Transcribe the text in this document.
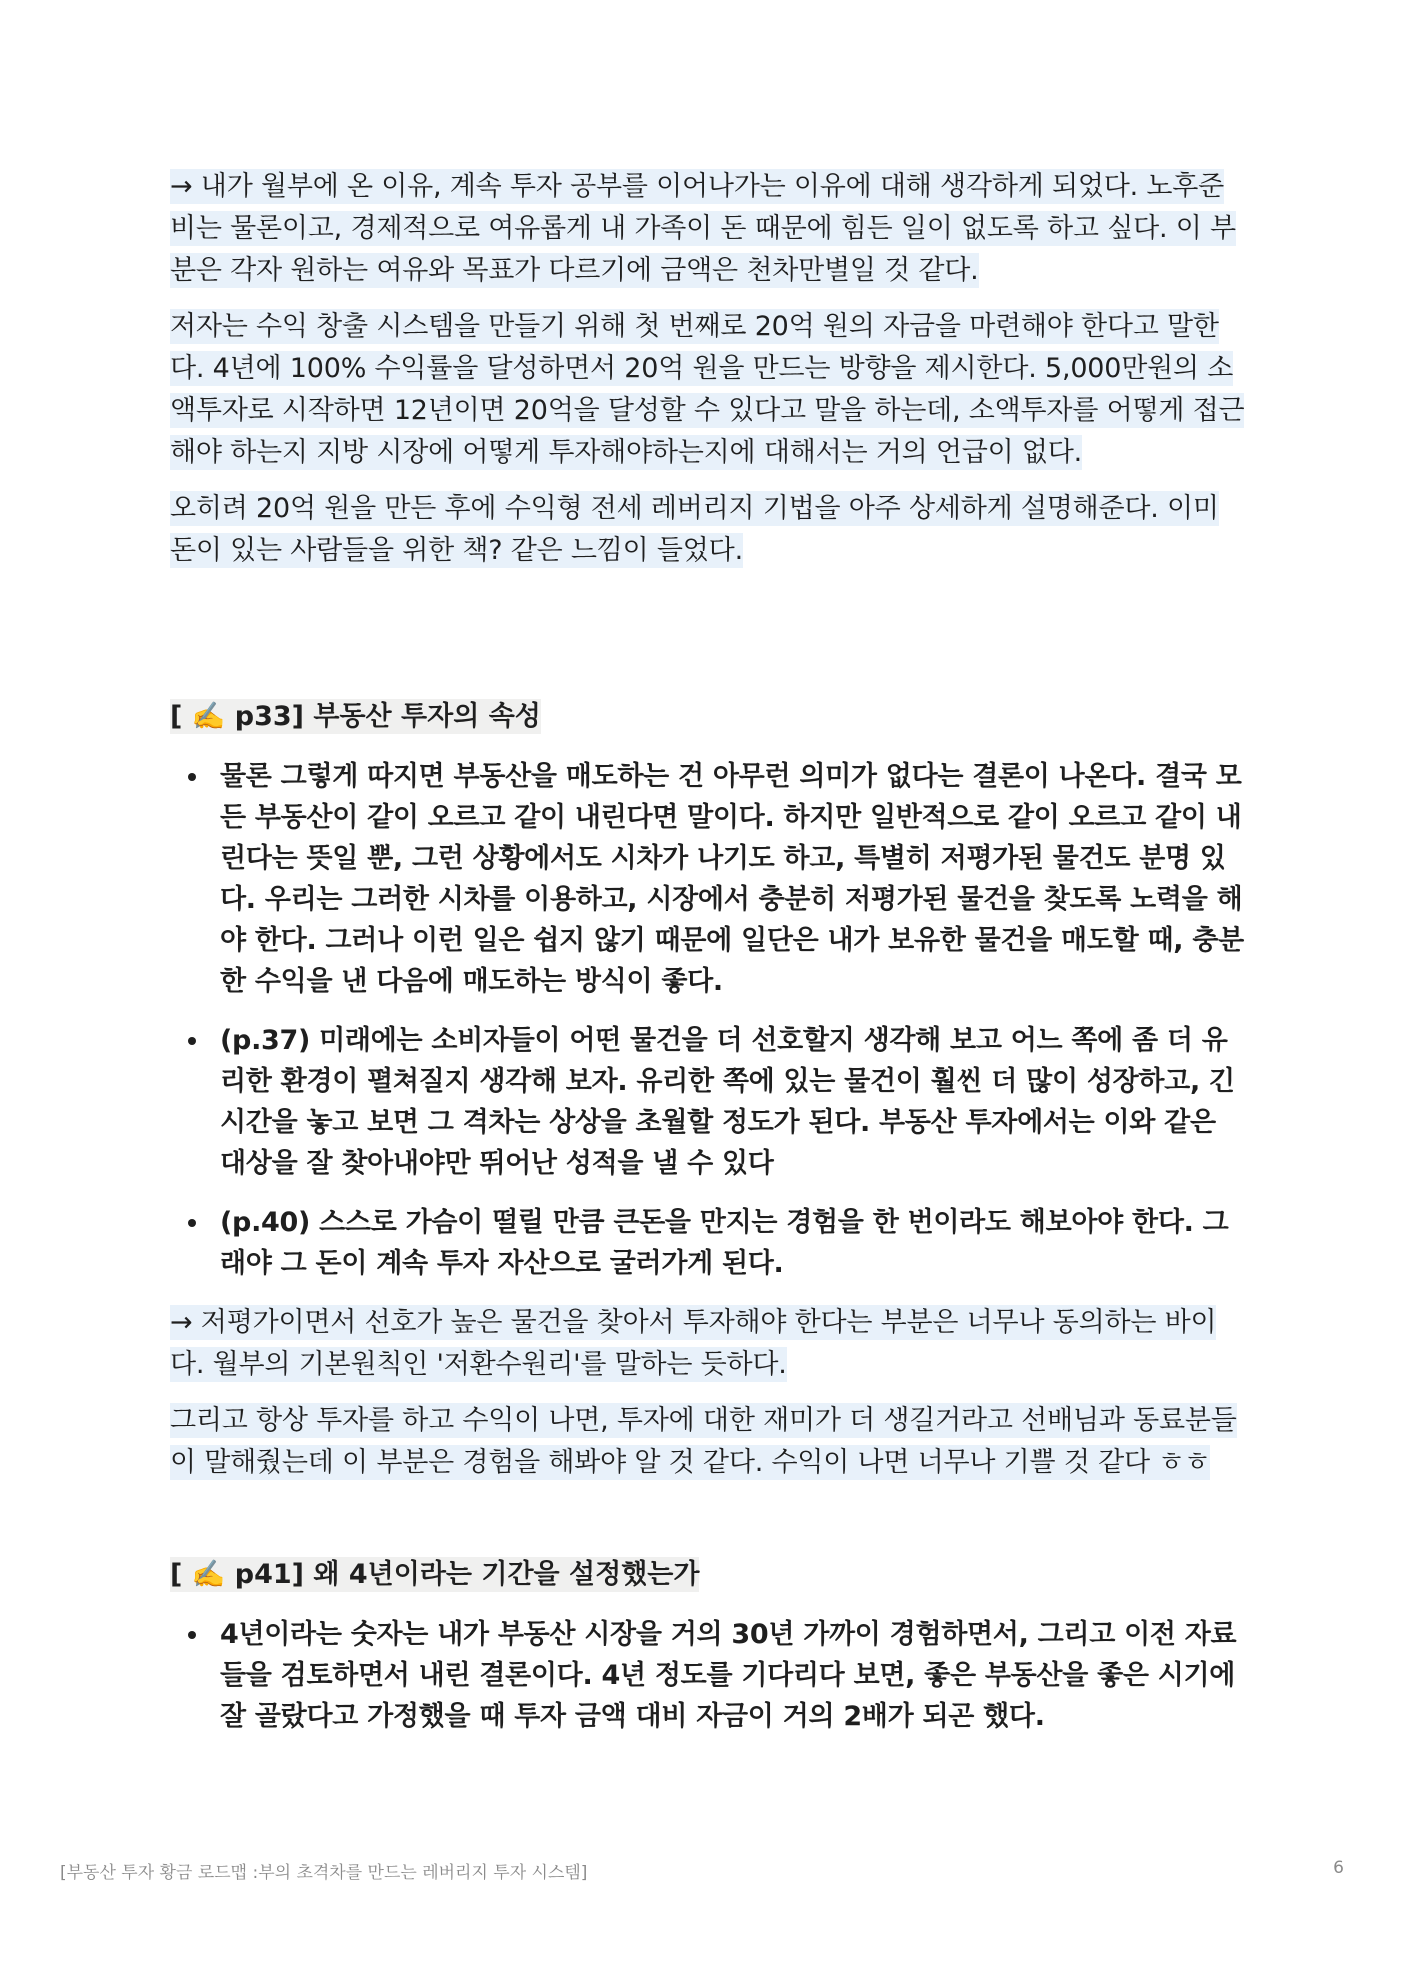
→ 내가 월부에 온 이유, 계속 투자 공부를 이어나가는 이유에 대해 생각하게 되었다. 노후준비는 물론이고, 경제적으로 여유롭게 내 가족이 돈 때문에 힘든 일이 없도록 하고 싶다. 이 부분은 각자 원하는 여유와 목표가 다르기에 금액은 천차만별일 것 같다.

저자는 수익 창출 시스템을 만들기 위해 첫 번째로 20억 원의 자금을 마련해야 한다고 말한다. 4년에 100% 수익률을 달성하면서 20억 원을 만드는 방향을 제시한다. 5,000만원의 소액투자로 시작하면 12년이면 20억을 달성할 수 있다고 말을 하는데, 소액투자를 어떻게 접근해야 하는지 지방 시장에 어떻게 투자해야하는지에 대해서는 거의 언급이 없다.

오히려 20억 원을 만든 후에 수익형 전세 레버리지 기법을 아주 상세하게 설명해준다. 이미 돈이 있는 사람들을 위한 책? 같은 느낌이 들었다.

[ ✍️ p33] 부동산 투자의 속성
물론 그렇게 따지면 부동산을 매도하는 건 아무런 의미가 없다는 결론이 나온다. 결국 모든 부동산이 같이 오르고 같이 내린다면 말이다. 하지만 일반적으로 같이 오르고 같이 내린다는 뜻일 뿐, 그런 상황에서도 시차가 나기도 하고, 특별히 저평가된 물건도 분명 있다. 우리는 그러한 시차를 이용하고, 시장에서 충분히 저평가된 물건을 찾도록 노력을 해야 한다. 그러나 이런 일은 쉽지 않기 때문에 일단은 내가 보유한 물건을 매도할 때, 충분한 수익을 낸 다음에 매도하는 방식이 좋다.
(p.37) 미래에는 소비자들이 어떤 물건을 더 선호할지 생각해 보고 어느 쪽에 좀 더 유리한 환경이 펼쳐질지 생각해 보자. 유리한 쪽에 있는 물건이 훨씬 더 많이 성장하고, 긴 시간을 놓고 보면 그 격차는 상상을 초월할 정도가 된다. 부동산 투자에서는 이와 같은 대상을 잘 찾아내야만 뛰어난 성적을 낼 수 있다
(p.40) 스스로 가슴이 떨릴 만큼 큰돈을 만지는 경험을 한 번이라도 해보아야 한다. 그래야 그 돈이 계속 투자 자산으로 굴러가게 된다.

→ 저평가이면서 선호가 높은 물건을 찾아서 투자해야 한다는 부분은 너무나 동의하는 바이다. 월부의 기본원칙인 '저환수원리'를 말하는 듯하다.

그리고 항상 투자를 하고 수익이 나면, 투자에 대한 재미가 더 생길거라고 선배님과 동료분들이 말해줬는데 이 부분은 경험을 해봐야 알 것 같다. 수익이 나면 너무나 기쁠 것 같다 ㅎㅎ

[ ✍️ p41] 왜 4년이라는 기간을 설정했는가
4년이라는 숫자는 내가 부동산 시장을 거의 30년 가까이 경험하면서, 그리고 이전 자료들을 검토하면서 내린 결론이다. 4년 정도를 기다리다 보면, 좋은 부동산을 좋은 시기에 잘 골랐다고 가정했을 때 투자 금액 대비 자금이 거의 2배가 되곤 했다.
[부동산 투자 황금 로드맵 :부의 초격차를 만드는 레버리지 투자 시스템]	6
